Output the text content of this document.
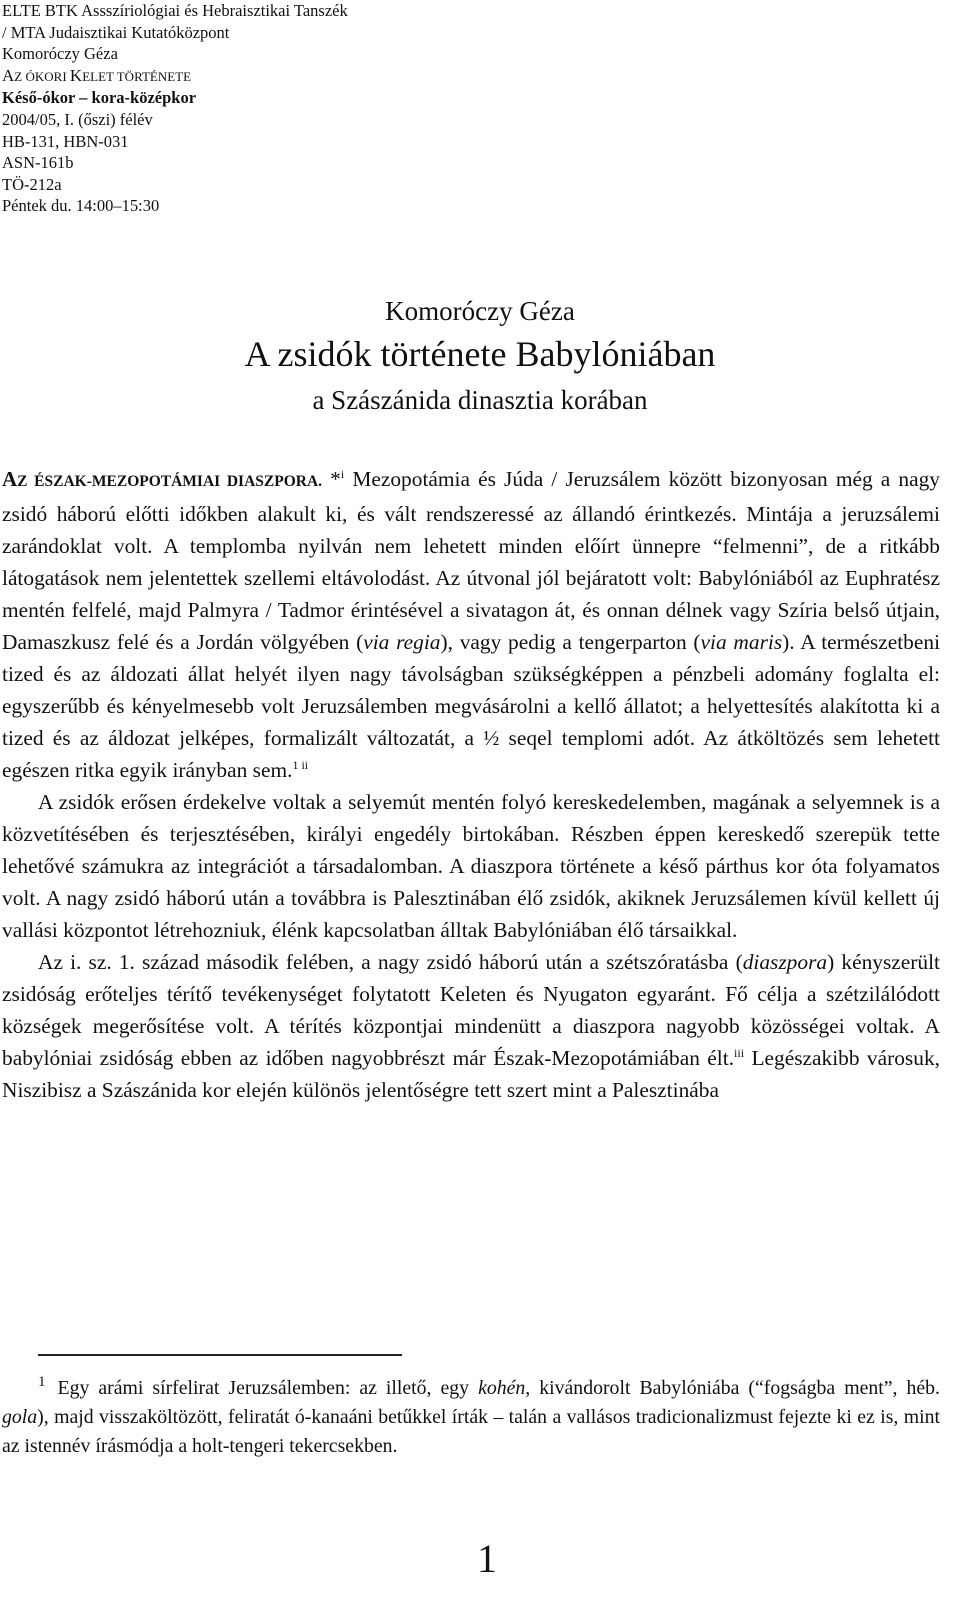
ELTE BTK Assszíriológiai és Hebraisztikai Tanszék
/ MTA Judaisztikai Kutatóközpont
Komoróczy Géza
AZ ÓKORI KELET TÖRTÉNETE
Késő-ókor – kora-középkor
2004/05, I. (őszi) félév
HB-131, HBN-031
ASN-161b
TÖ-212a
Péntek du. 14:00–15:30
Komoróczy Géza
A zsidók története Babylóniában
a Szászánida dinasztia korában

AZ ÉSZAK-MEZOPOTÁMIAI DIASZPORA. *$^i$ Mezopotámia és Júda / Jeruzsálem között bizonyosan még a nagy zsidó háború előtti időkben alakult ki, és vált rendszeressé az állandó érintkezés. Mintája a jeruzsálemi zarándoklat volt. A templomba nyilván nem lehetett minden előírt ünnepre “felmenni”, de a ritkább látogatások nem jelentettek szellemi eltávolodást. Az útvonal jól bejáratott volt: Babylóniából az Euphratész mentén felfelé, majd Palmyra / Tadmor érintésével a sivatagon át, és onnan délnek vagy Szíria belső útjain, Damaszkusz felé és a Jordán völgyében (via regia), vagy pedig a tengerparton (via maris). A természetbeni tized és az áldozati állat helyét ilyen nagy távolságban szükségképpen a pénzbeli adomány foglalta el: egyszerűbb és kényelmesebb volt Jeruzsálemben megvásárolni a kellő állatot; a helyettesítés alakította ki a tized és az áldozat jelképes, formalizált változatát, a ½ seqel templomi adót. Az átköltözés sem lehetett egészen ritka egyik irányban sem.$^{1 ii}$

A zsidók erősen érdekelve voltak a selyemút mentén folyó kereskedelemben, magának a selyemnek is a közvetítésében és terjesztésében, királyi engedély birtokában. Részben éppen kereskedő szerepük tette lehetővé számukra az integrációt a társadalomban. A diaszpora története a késő párthus kor óta folyamatos volt. A nagy zsidó háború után a továbbra is Palesztinában élő zsidók, akiknek Jeruzsálemen kívül kellett új vallási központot létrehozniuk, élénk kapcsolatban álltak Babylóniában élő társaikkal.

Az i. sz. 1. század második felében, a nagy zsidó háború után a szétszóratásba (diaszpora) kényszerült zsidóság erőteljes térítő tevékenységet folytatott Keleten és Nyugaton egyaránt. Fő célja a szétzilálódott községek megerősítése volt. A térítés központjai mindenütt a diaszpora nagyobb közösségei voltak. A babylóniai zsidóság ebben az időben nagyobbrészt már Észak-Mezopotámiában élt.$^{iii}$ Legészakibb városuk, Niszibisz a Szászánida kor elején különös jelentőségre tett szert mint a Palesztinába

$^1$ Egy arámi sírfelirat Jeruzsálemben: az illető, egy kohén, kivándorolt Babylóniába (“fogságba ment”, héb. gola), majd visszaköltözött, feliratát ó-kanaáni betűkkel írták – talán a vallásos tradicionalizmust fejezte ki ez is, mint az istennév írásmódja a holt-tengeri tekercsekben.

1
